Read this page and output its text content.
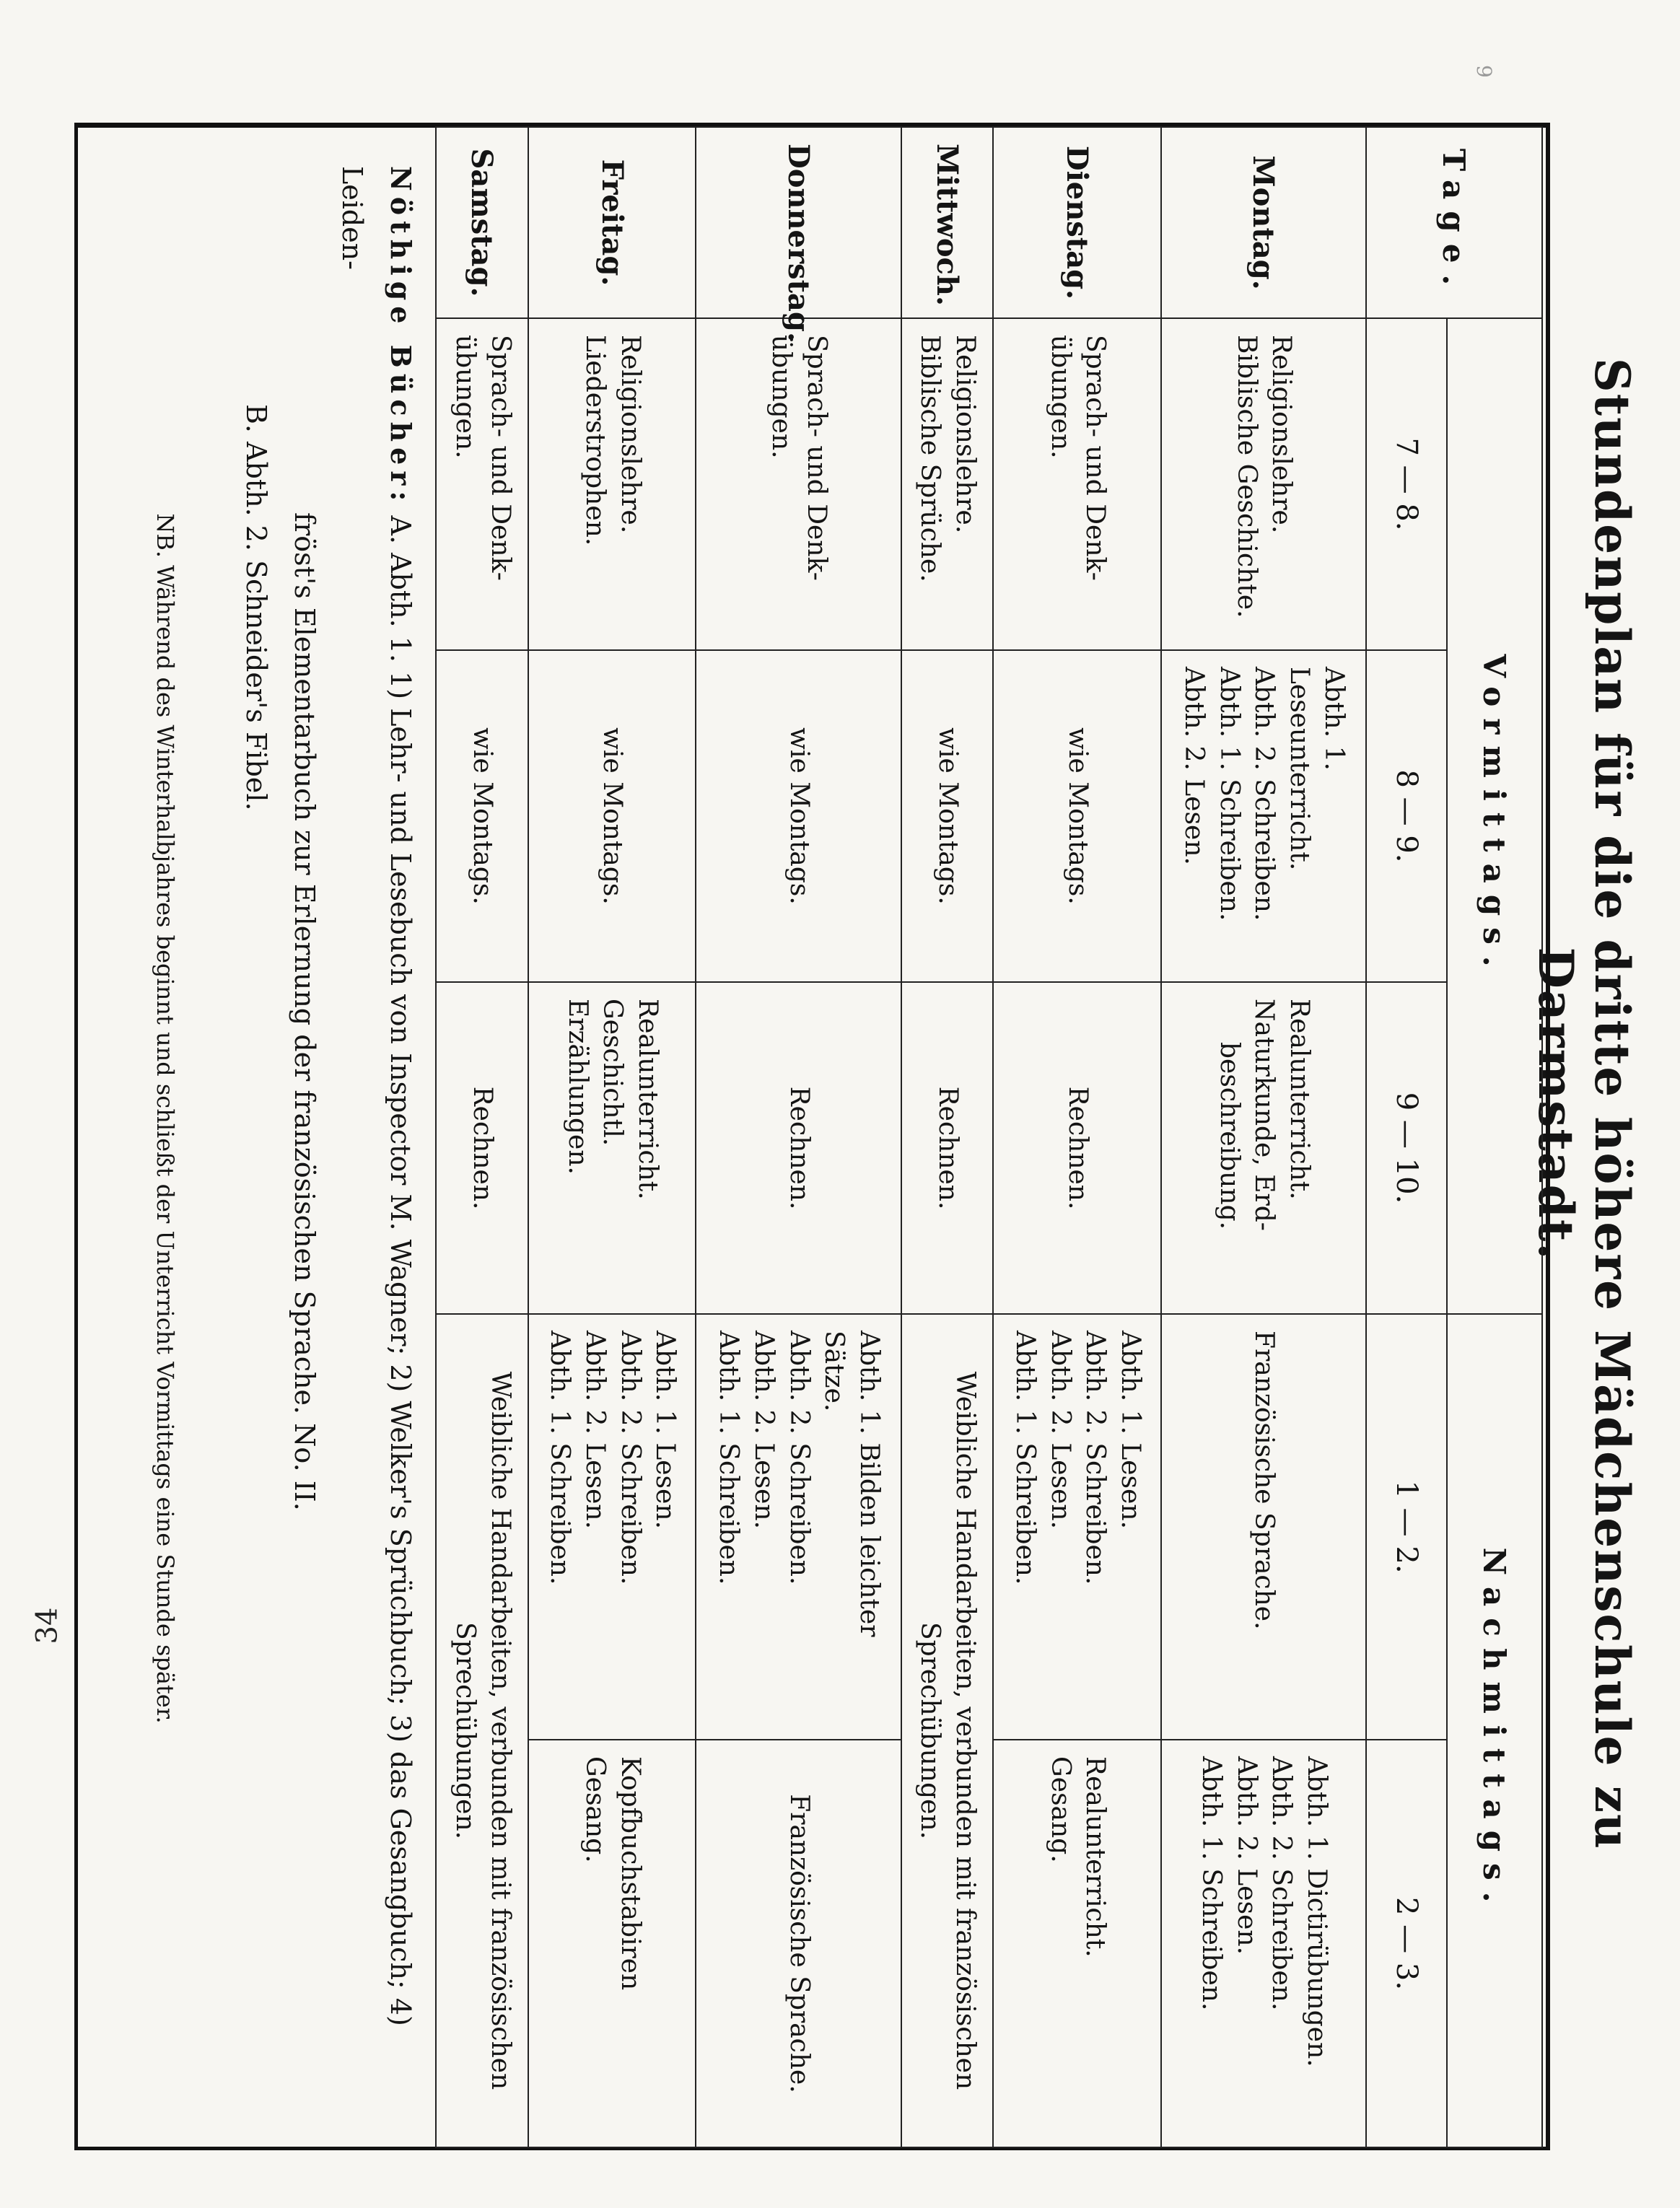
9
Stundenplan für die dritte höhere Mädchenschule zu Darmstadt.
Tage.	Vormittags.			Nachmittags.	
	7 — 8.	8 — 9.	9 — 10.	1 — 2.	2 — 3.
Montag.	Religionslehre.
Biblische Geschichte.	Abth. 1. Leseunterricht.
Abth. 2. Schreiben.
Abth. 1. Schreiben.
Abth. 2. Lesen.	Realunterricht.
Naturkunde, Erd-
beschreibung.	Französische Sprache.	Abth. 1. Dictirübungen.
Abth. 2. Schreiben.
Abth. 2. Lesen.
Abth. 1. Schreiben.

Dienstag.	Sprach- und Denk-
übungen.	wie Montags.	Rechnen.	Abth. 1. Lesen.
Abth. 2. Schreiben.
Abth. 2. Lesen.
Abth. 1. Schreiben.	Realunterricht.
Gesang.

Mittwoch.	Religionslehre.
Biblische Sprüche.	wie Montags.	Rechnen.	Weibliche Handarbeiten, verbunden mit französischen
Sprechübungen.	

Donnerstag.	Sprach- und Denk-
übungen.	wie Montags.	Rechnen.	Abth. 1. Bilden leichter Sätze.
Abth. 2. Schreiben.
Abth. 2. Lesen.
Abth. 1. Schreiben.	Französische Sprache.
Freitag.	Religionslehre.
Liederstrophen.	wie Montags.	Realunterricht.
Geschichtl. Erzählungen.	Abth. 1. Lesen.
Abth. 2. Schreiben.
Abth. 2. Lesen.
Abth. 1. Schreiben.	Kopfbuchstabiren
Gesang.

Samstag.	Sprach- und Denk-
übungen.	wie Montags.	Rechnen.	Weibliche Handarbeiten, verbunden mit französischen
Sprechübungen.	
Nöthige Bücher: A. Abth. 1. 1) Lehr- und Lesebuch von Inspector M. Wagner; 2) Welker's Sprüchbuch; 3) das Gesangbuch; 4) Leiden-
fröst's Elementarbuch zur Erlernung der französischen Sprache. No. II.
B. Abth. 2. Schneider's Fibel.
NB. Während des Winterhalbjahres beginnt und schließt der Unterricht Vormittags eine Stunde später.
34
